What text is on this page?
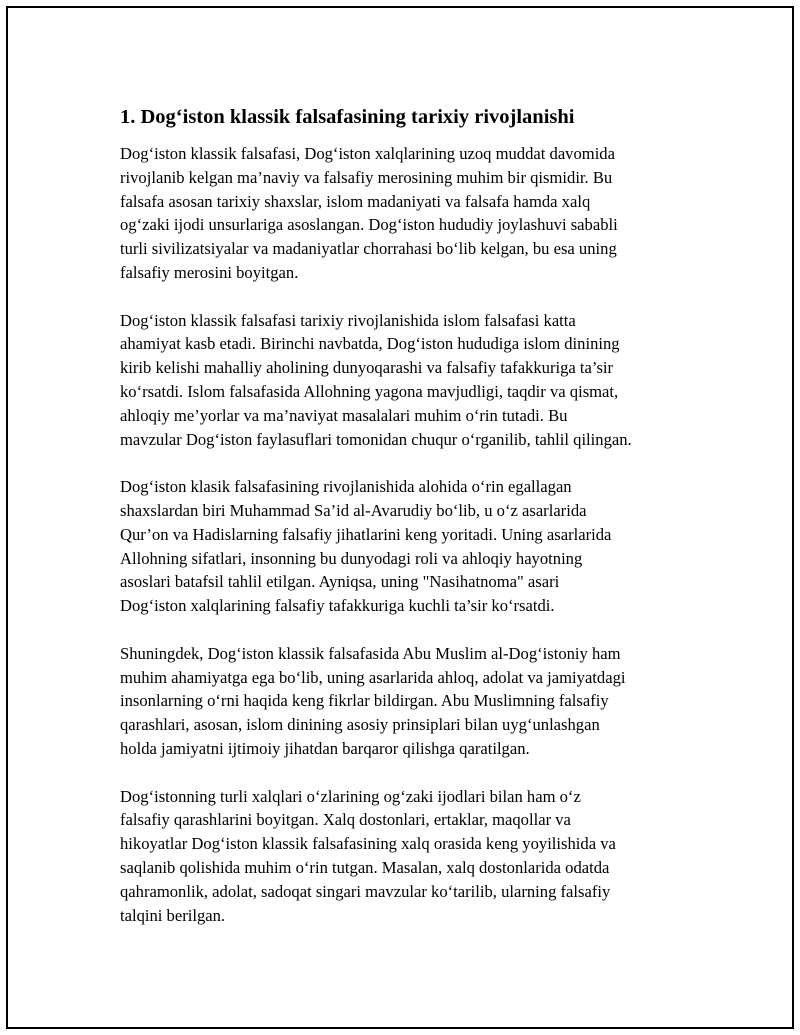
1. Dog‘iston klassik falsafasining tarixiy rivojlanishi

Dog‘iston klassik falsafasi, Dog‘iston xalqlarining uzoq muddat davomida
rivojlanib kelgan ma’naviy va falsafiy merosining muhim bir qismidir. Bu
falsafa asosan tarixiy shaxslar, islom madaniyati va falsafa hamda xalq
og‘zaki ijodi unsurlariga asoslangan. Dog‘iston hududiy joylashuvi sababli
turli sivilizatsiyalar va madaniyatlar chorrahasi bo‘lib kelgan, bu esa uning
falsafiy merosini boyitgan.

Dog‘iston klassik falsafasi tarixiy rivojlanishida islom falsafasi katta
ahamiyat kasb etadi. Birinchi navbatda, Dog‘iston hududiga islom dinining
kirib kelishi mahalliy aholining dunyoqarashi va falsafiy tafakkuriga ta’sir
ko‘rsatdi. Islom falsafasida Allohning yagona mavjudligi, taqdir va qismat,
ahloqiy me’yorlar va ma’naviyat masalalari muhim o‘rin tutadi. Bu
mavzular Dog‘iston faylasuflari tomonidan chuqur o‘rganilib, tahlil qilingan.

Dog‘iston klasik falsafasining rivojlanishida alohida o‘rin egallagan
shaxslardan biri Muhammad Sa’id al-Avarudiy bo‘lib, u o‘z asarlarida
Qur’on va Hadislarning falsafiy jihatlarini keng yoritadi. Uning asarlarida
Allohning sifatlari, insonning bu dunyodagi roli va ahloqiy hayotning
asoslari batafsil tahlil etilgan. Ayniqsa, uning "Nasihatnoma" asari
Dog‘iston xalqlarining falsafiy tafakkuriga kuchli ta’sir ko‘rsatdi.

Shuningdek, Dog‘iston klassik falsafasida Abu Muslim al-Dog‘istoniy ham
muhim ahamiyatga ega bo‘lib, uning asarlarida ahloq, adolat va jamiyatdagi
insonlarning o‘rni haqida keng fikrlar bildirgan. Abu Muslimning falsafiy
qarashlari, asosan, islom dinining asosiy prinsiplari bilan uyg‘unlashgan
holda jamiyatni ijtimoiy jihatdan barqaror qilishga qaratilgan.

Dog‘istonning turli xalqlari o‘zlarining og‘zaki ijodlari bilan ham o‘z
falsafiy qarashlarini boyitgan. Xalq dostonlari, ertaklar, maqollar va
hikoyatlar Dog‘iston klassik falsafasining xalq orasida keng yoyilishida va
saqlanib qolishida muhim o‘rin tutgan. Masalan, xalq dostonlarida odatda
qahramonlik, adolat, sadoqat singari mavzular ko‘tarilib, ularning falsafiy
talqini berilgan.
